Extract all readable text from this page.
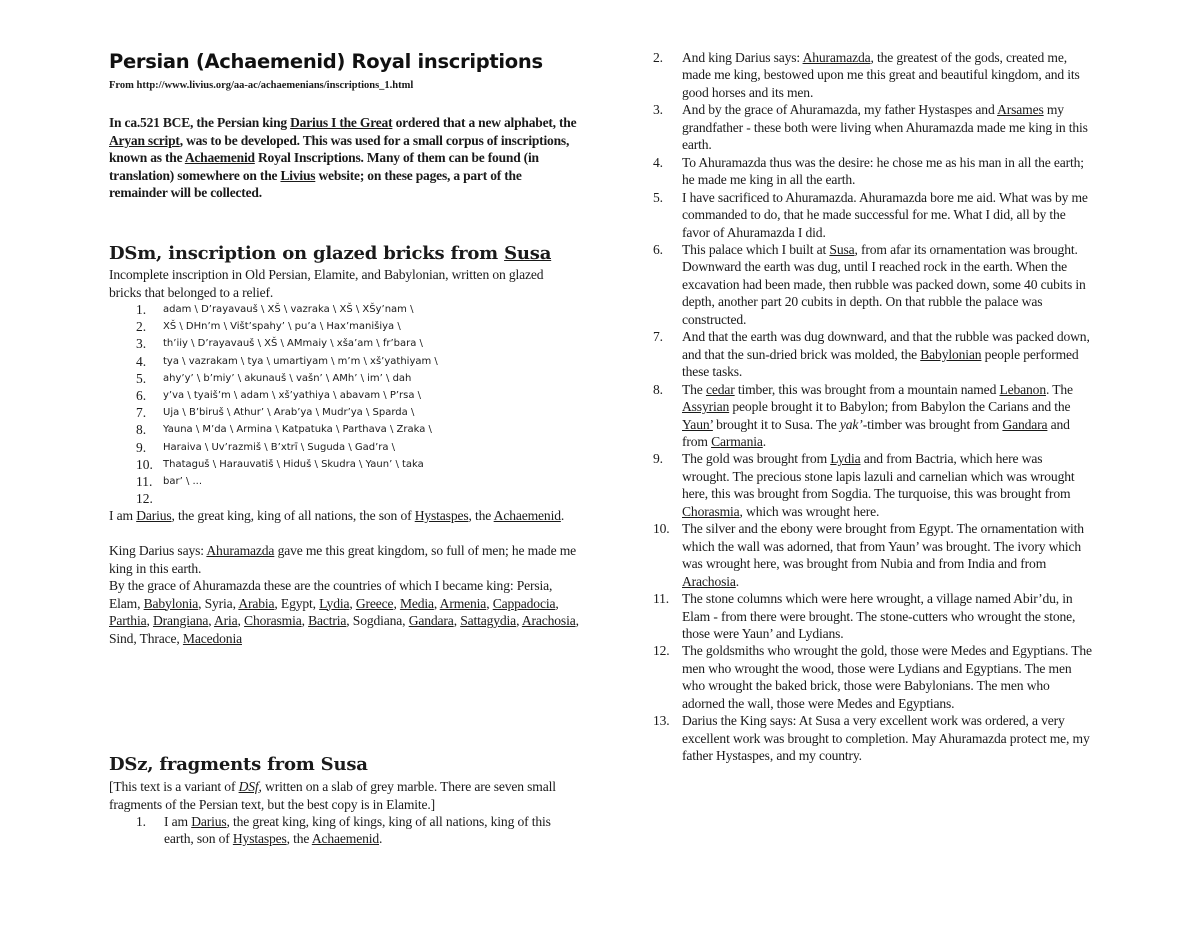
Persian (Achaemenid) Royal inscriptions
From http://www.livius.org/aa-ac/achaemenians/inscriptions_1.html

In ca.521 BCE, the Persian king Darius I the Great ordered that a new alphabet, the Aryan script, was to be developed. This was used for a small corpus of inscriptions, known as the Achaemenid Royal Inscriptions. Many of them can be found (in translation) somewhere on the Livius website; on these pages, a part of the remainder will be collected.

DSm, inscription on glazed bricks from Susa

Incomplete inscription in Old Persian, Elamite, and Babylonian, written on glazed bricks that belonged to a relief.

1. adam \ D’rayavauš \ XŠ \ vazraka \ XŠ \ XŠy’nam \
2. XŠ \ DHn’m \ Višt’spahy’ \ pu’a \ Hax’manišiya \
3. th’iiy \ D’rayavauš \ XŠ \ AMmaiy \ xša’am \ fr’bara \
4. tya \ vazrakam \ tya \ umartiyam \ m’m \ xš’yathiyam \
5. ahy’y’ \ b’miy’ \ akunauš \ vašn’ \ AMh’ \ im’ \ dah
6. y’va \ tyaiš’m \ adam \ xš’yathiya \ abavam \ P’rsa \
7. Uja \ B’biruš \ Athur’ \ Arab’ya \ Mudr’ya \ Sparda \
8. Yauna \ M’da \ Armina \ Katpatuka \ Parthava \ Zraka \
9. Haraiva \ Uv’razmiš \ B’xtrī \ Suguda \ Gad’ra \
10. Thataguš \ Harauvatiš \ Hiduš \ Skudra \ Yaun’ \ taka
11. bar’ \ ...
12.

I am Darius, the great king, king of all nations, the son of Hystaspes, the Achaemenid.

King Darius says: Ahuramazda gave me this great kingdom, so full of men; he made me king in this earth.

By the grace of Ahuramazda these are the countries of which I became king: Persia, Elam, Babylonia, Syria, Arabia, Egypt, Lydia, Greece, Media, Armenia, Cappadocia, Parthia, Drangiana, Aria, Chorasmia, Bactria, Sogdiana, Gandara, Sattagydia, Arachosia, Sind, Thrace, Macedonia

DSz, fragments from Susa

[This text is a variant of DSf, written on a slab of grey marble. There are seven small fragments of the Persian text, but the best copy is in Elamite.]

1.	I am Darius, the great king, king of kings, king of all nations, king of this earth, son of Hystaspes, the Achaemenid.
2.	And king Darius says: Ahuramazda, the greatest of the gods, created me, made me king, bestowed upon me this great and beautiful kingdom, and its good horses and its men.
3.	And by the grace of Ahuramazda, my father Hystaspes and Arsames my grandfather - these both were living when Ahuramazda made me king in this earth.
4.	To Ahuramazda thus was the desire: he chose me as his man in all the earth; he made me king in all the earth.
5.	I have sacrificed to Ahuramazda. Ahuramazda bore me aid. What was by me commanded to do, that he made successful for me. What I did, all by the favor of Ahuramazda I did.
6.	This palace which I built at Susa, from afar its ornamentation was brought. Downward the earth was dug, until I reached rock in the earth. When the excavation had been made, then rubble was packed down, some 40 cubits in depth, another part 20 cubits in depth. On that rubble the palace was constructed.
7.	And that the earth was dug downward, and that the rubble was packed down, and that the sun-dried brick was molded, the Babylonian people performed these tasks.
8.	The cedar timber, this was brought from a mountain named Lebanon. The Assyrian people brought it to Babylon; from Babylon the Carians and the Yaun’ brought it to Susa. The yak’-timber was brought from Gandara and from Carmania.
9.	The gold was brought from Lydia and from Bactria, which here was wrought. The precious stone lapis lazuli and carnelian which was wrought here, this was brought from Sogdia. The turquoise, this was brought from Chorasmia, which was wrought here.
10. The silver and the ebony were brought from Egypt. The ornamentation with which the wall was adorned, that from Yaun’ was brought. The ivory which was wrought here, was brought from Nubia and from India and from Arachosia.
11. The stone columns which were here wrought, a village named Abir’du, in Elam - from there were brought. The stone-cutters who wrought the stone, those were Yaun’ and Lydians.
12. The goldsmiths who wrought the gold, those were Medes and Egyptians. The men who wrought the wood, those were Lydians and Egyptians. The men who wrought the baked brick, those were Babylonians. The men who adorned the wall, those were Medes and Egyptians.
13. Darius the King says: At Susa a very excellent work was ordered, a very excellent work was brought to completion. May Ahuramazda protect me, my father Hystaspes, and my country.
